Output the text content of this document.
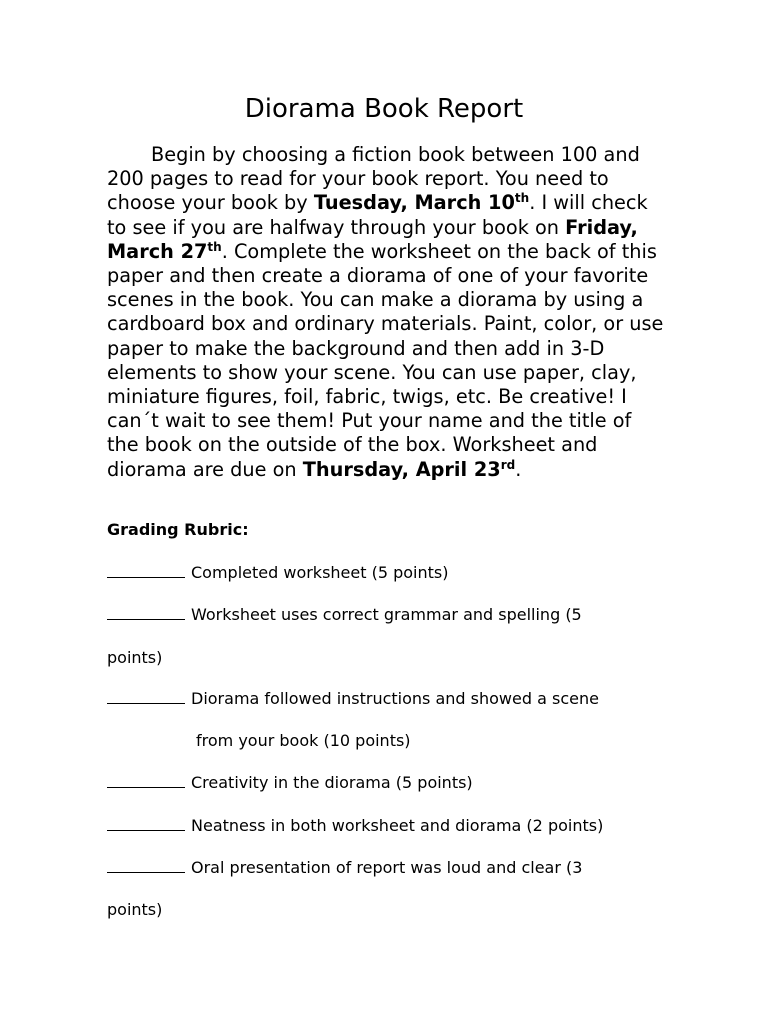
Diorama Book Report

Begin by choosing a fiction book between 100 and 200 pages to read for your book report. You need to choose your book by Tuesday, March 10th. I will check to see if you are halfway through your book on Friday, March 27th. Complete the worksheet on the back of this paper and then create a diorama of one of your favorite scenes in the book. You can make a diorama by using a cardboard box and ordinary materials. Paint, color, or use paper to make the background and then add in 3-D elements to show your scene. You can use paper, clay, miniature figures, foil, fabric, twigs, etc. Be creative! I can´t wait to see them! Put your name and the title of the book on the outside of the box. Worksheet and diorama are due on Thursday, April 23rd.

Grading Rubric:

Completed worksheet (5 points)

Worksheet uses correct grammar and spelling (5

points)

Diorama followed instructions and showed a scene

from your book (10 points)

Creativity in the diorama (5 points)

Neatness in both worksheet and diorama (2 points)

Oral presentation of report was loud and clear (3

points)
